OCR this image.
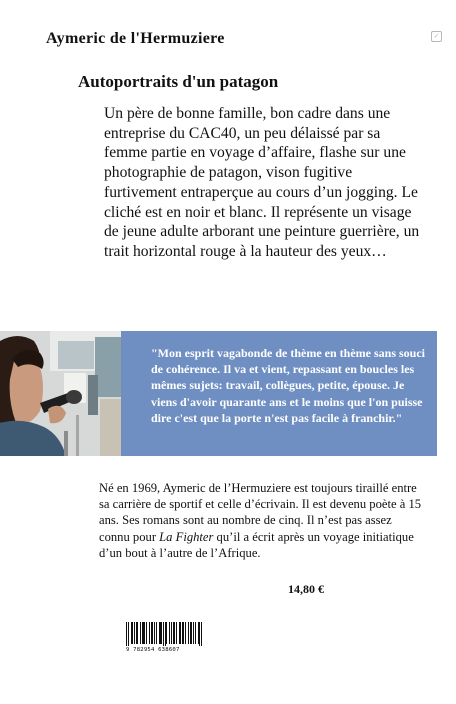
Aymeric de l'Hermuziere	✓
Autoportraits d'un patagon

Un père de bonne famille, bon cadre dans une entreprise du CAC40, un peu délaissé par sa femme partie en voyage d’affaire, flashe sur une photographie de patagon, vison fugitive furtivement entraperçue au cours d’un jogging. Le cliché est en noir et blanc. Il représente un visage de jeune adulte arborant une peinture guerrière, un trait horizontal rouge à la hauteur des yeux…

"Mon esprit vagabonde de thème en thème sans souci de cohérence. Il va et vient, repassant en boucles les mêmes sujets: travail, collègues, petite, épouse. Je viens d'avoir quarante ans et le moins que l'on puisse dire c'est que la porte n'est pas facile à franchir."

Né en 1969, Aymeric de l’Hermuziere est toujours tiraillé entre sa carrière de sportif et celle d’écrivain. Il est devenu poète à 15 ans. Ses romans sont au nombre de cinq. Il n’est pas assez connu pour La Fighter qu’il a écrit après un voyage initiatique d’un bout à l’autre de l’Afrique.

14,80 €
9 782954 638607
